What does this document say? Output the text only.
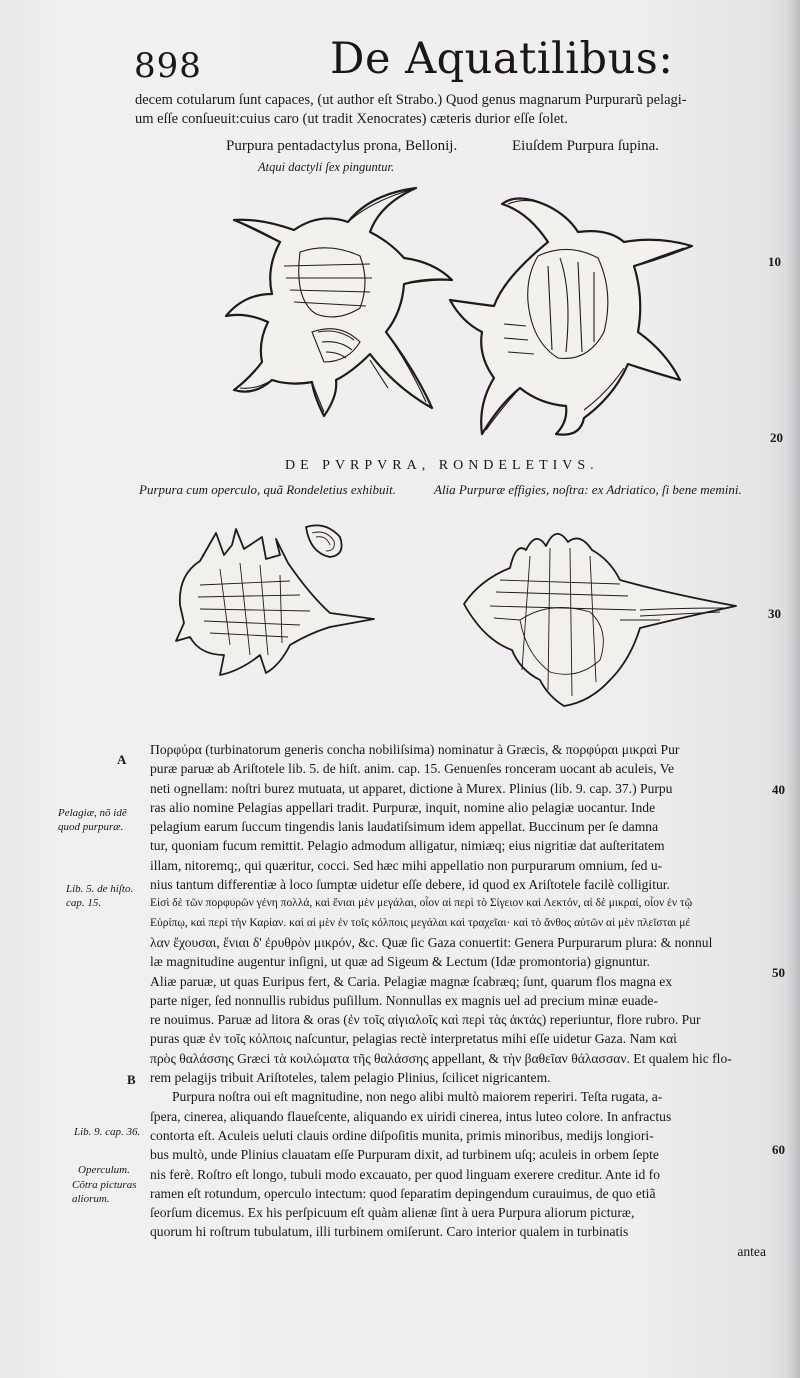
898	De Aquatilibus:
decem cotularum ſunt capaces, (ut author eſt Strabo.) Quod genus magnarum Purpurarũ pelagi-
um eſſe conſueuit:cuius caro (ut tradit Xenocrates) cæteris durior eſſe ſolet.
Purpura pentadactylus prona, Bellonij.	Eiuſdem Purpura ſupina.
Atqui dactyli ſex pinguntur.
DE PVRPVRA, RONDELETIVS.
Purpura cum operculo, quã Rondeletius exhibuit.	Alia Purpuræ effigies, noſtra: ex Adriatico, ſi bene memini.
10
20
30
40
50
60
A
B
Pelagiæ, nõ idẽ quod purpuræ.
Lib. 5. de hiſto. cap. 15.
Lib. 9. cap. 36.
Operculum.
Cõtra picturas aliorum.
Πορφύρα (turbinatorum generis concha nobiliſsima) nominatur à Græcis, & πορφύραι μικραὶ Pur
puræ paruæ ab Ariſtotele lib. 5. de hiſt. anim. cap. 15. Genuenſes ronceram uocant ab aculeis, Ve
neti ognellam: noſtri burez mutuata, ut apparet, dictione à Murex. Plinius (lib. 9. cap. 37.) Purpu
ras alio nomine Pelagias appellari tradit. Purpuræ, inquit, nomine alio pelagiæ uocantur. Inde
pelagium earum ſuccum tingendis lanis laudatiſsimum idem appellat. Buccinum per ſe damna
tur, quoniam fucum remittit. Pelagio admodum alligatur, nimiæq; eius nigritiæ dat auſteritatem
illam, nitoremq;, qui quæritur, cocci. Sed hæc mihi appellatio non purpurarum omnium, ſed u-
nius tantum differentiæ à loco ſumptæ uidetur eſſe debere, id quod ex Ariſtotele facilè colligitur.
Εἰσὶ δὲ τῶν πορφυρῶν γένη πολλά, καὶ ἔνιαι μὲν μεγάλαι, οἷον αἱ περὶ τὸ Σίγειον καὶ Λεκτόν, αἱ δὲ μικραί, οἷον ἐν τῷ
Εὐρίπῳ, καὶ περὶ τὴν Καρίαν. καὶ αἱ μὲν ἐν τοῖς κόλποις μεγάλαι καὶ τραχεῖαι· καὶ τὸ ἄνθος αὐτῶν αἱ μὲν πλεῖσται μέ
λαν ἔχουσαι, ἔνιαι δ' ἐρυθρὸν μικρόν, &c. Quæ ſic Gaza conuertit: Genera Purpurarum plura: & nonnul
læ magnitudine augentur inſigni, ut quæ ad Sigeum & Lectum (Idæ promontoria) gignuntur.
Aliæ paruæ, ut quas Euripus fert, & Caria. Pelagiæ magnæ ſcabræq; ſunt, quarum flos magna ex
parte niger, ſed nonnullis rubidus puſillum. Nonnullas ex magnis uel ad precium minæ euade-
re nouimus. Paruæ ad litora & oras (ἐν τοῖς αἰγιαλοῖς καὶ περὶ τὰς ἀκτάς) reperiuntur, flore rubro. Pur
puras quæ ἐν τοῖς κόλποις naſcuntur, pelagias rectè interpretatus mihi eſſe uidetur Gaza. Nam καὶ
πρὸς θαλάσσης Græci τὰ κοιλώματα τῆς θαλάσσης appellant, & τὴν βαθεῖαν θάλασσαν. Et qualem hic flo-
rem pelagijs tribuit Ariſtoteles, talem pelagio Plinius, ſcilicet nigricantem.
Purpura noſtra oui eſt magnitudine, non nego alibi multò maiorem reperiri. Teſta rugata, a-
ſpera, cinerea, aliquando flaueſcente, aliquando ex uiridi cinerea, intus luteo colore. In anfractus
contorta eſt. Aculeis ueluti clauis ordine diſpoſitis munita, primis minoribus, medijs longiori-
bus multò, unde Plinius clauatam eſſe Purpuram dixit, ad turbinem uſq; aculeis in orbem ſepte
nis ferè. Roſtro eſt longo, tubuli modo excauato, per quod linguam exerere creditur. Ante id fo
ramen eſt rotundum, operculo intectum: quod ſeparatim depingendum curauimus, de quo etiã
ſeorſum dicemus. Ex his perſpicuum eſt quàm alienæ ſint à uera Purpura aliorum picturæ,
quorum hi roſtrum tubulatum, illi turbinem omiſerunt. Caro interior qualem in turbinatis
antea
